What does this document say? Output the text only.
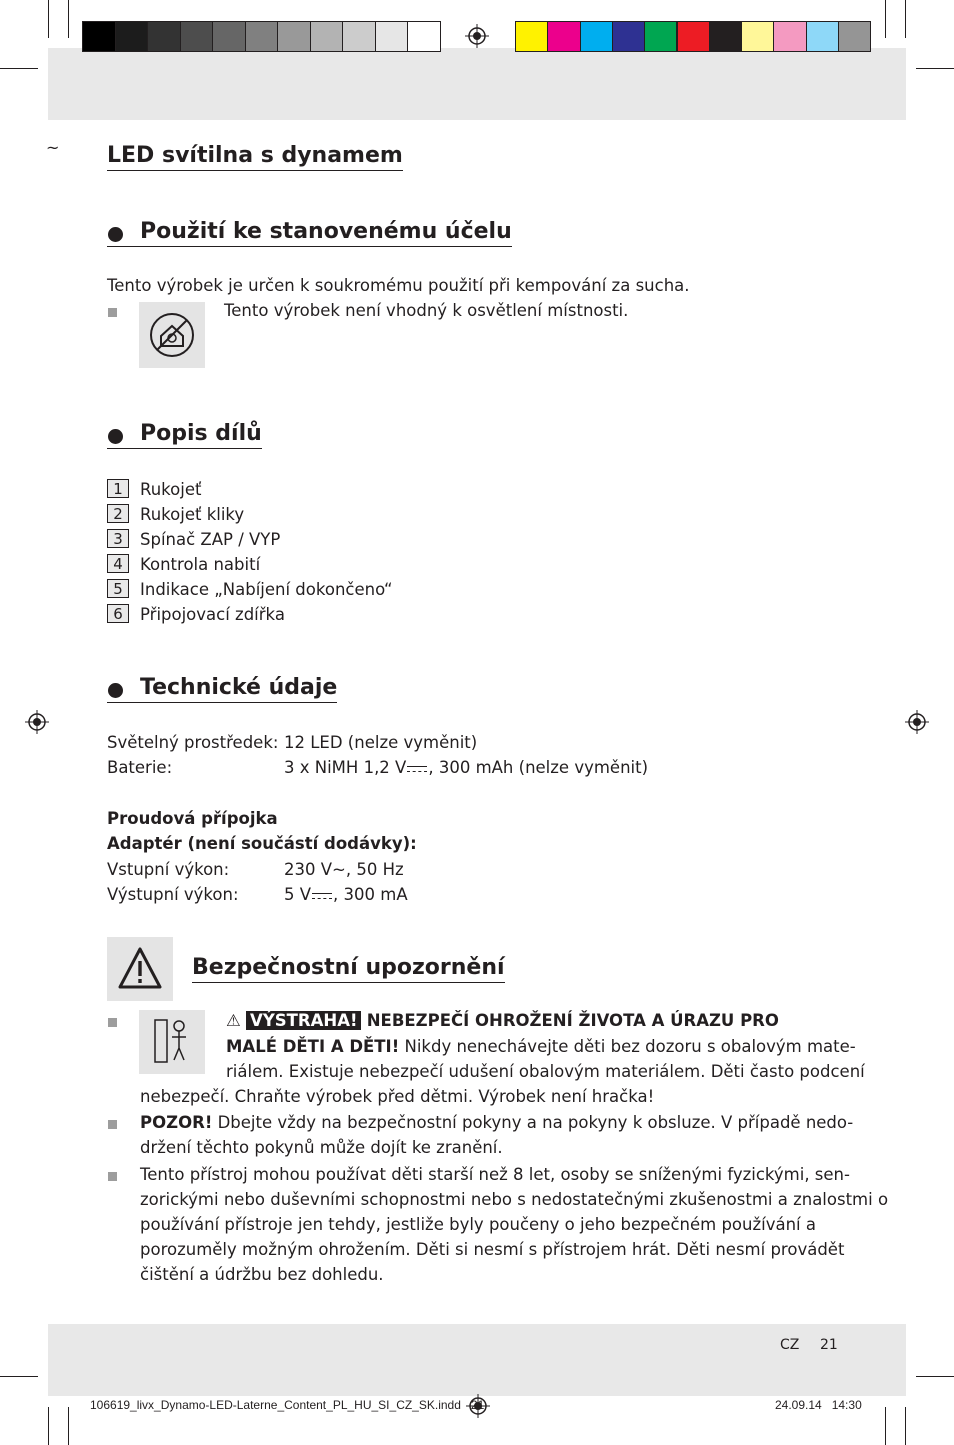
~ LED svítilna s dynamem
Použití ke stanovenému účelu
Tento výrobek je určen k soukromému použití při kempování za sucha.
Tento výrobek není vhodný k osvětlení místnosti.
Popis dílů
1	Rukojeť
2	Rukojeť kliky
3	Spínač ZAP / VYP
4	Kontrola nabití
5	Indikace „Nabíjení dokončeno“
6	Připojovací zdířka
Technické údaje
Světelný prostředek: 12 LED (nelze vyměnit)
Baterie:	3 x NiMH 1,2 V , 300 mAh (nelze vyměnit)
Proudová přípojka
Adaptér (není součástí dodávky):
Vstupní výkon:	230 V~, 50 Hz
Výstupní výkon:	5 V , 300 mA
Bezpečnostní upozornění
⚠ VÝSTRAHA! NEBEZPEČÍ OHROŽENÍ ŽIVOTA A ÚRAZU PRO
MALÉ DĚTI A DĚTI! Nikdy nenechávejte děti bez dozoru s obalovým mate-
riálem. Existuje nebezpečí udušení obalovým materiálem. Děti často podcení
nebezpečí. Chraňte výrobek před dětmi. Výrobek není hračka!
POZOR! Dbejte vždy na bezpečnostní pokyny a na pokyny k obsluze. V případě nedo-
držení těchto pokynů může dojít ke zranění.
Tento přístroj mohou používat děti starší než 8 let, osoby se sníženými fyzickými, sen-
zorickými nebo duševními schopnostmi nebo s nedostatečnými zkušenostmi a znalostmi o
používání přístroje jen tehdy, jestliže byly poučeny o jeho bezpečném používání a
porozuměly možným ohrožením. Děti si nesmí s přístrojem hrát. Děti nesmí provádět
čištění a údržbu bez dohledu.
CZ 21
106619_livx_Dynamo-LED-Laterne_Content_PL_HU_SI_CZ_SK.indd   21	24.09.14   14:30
